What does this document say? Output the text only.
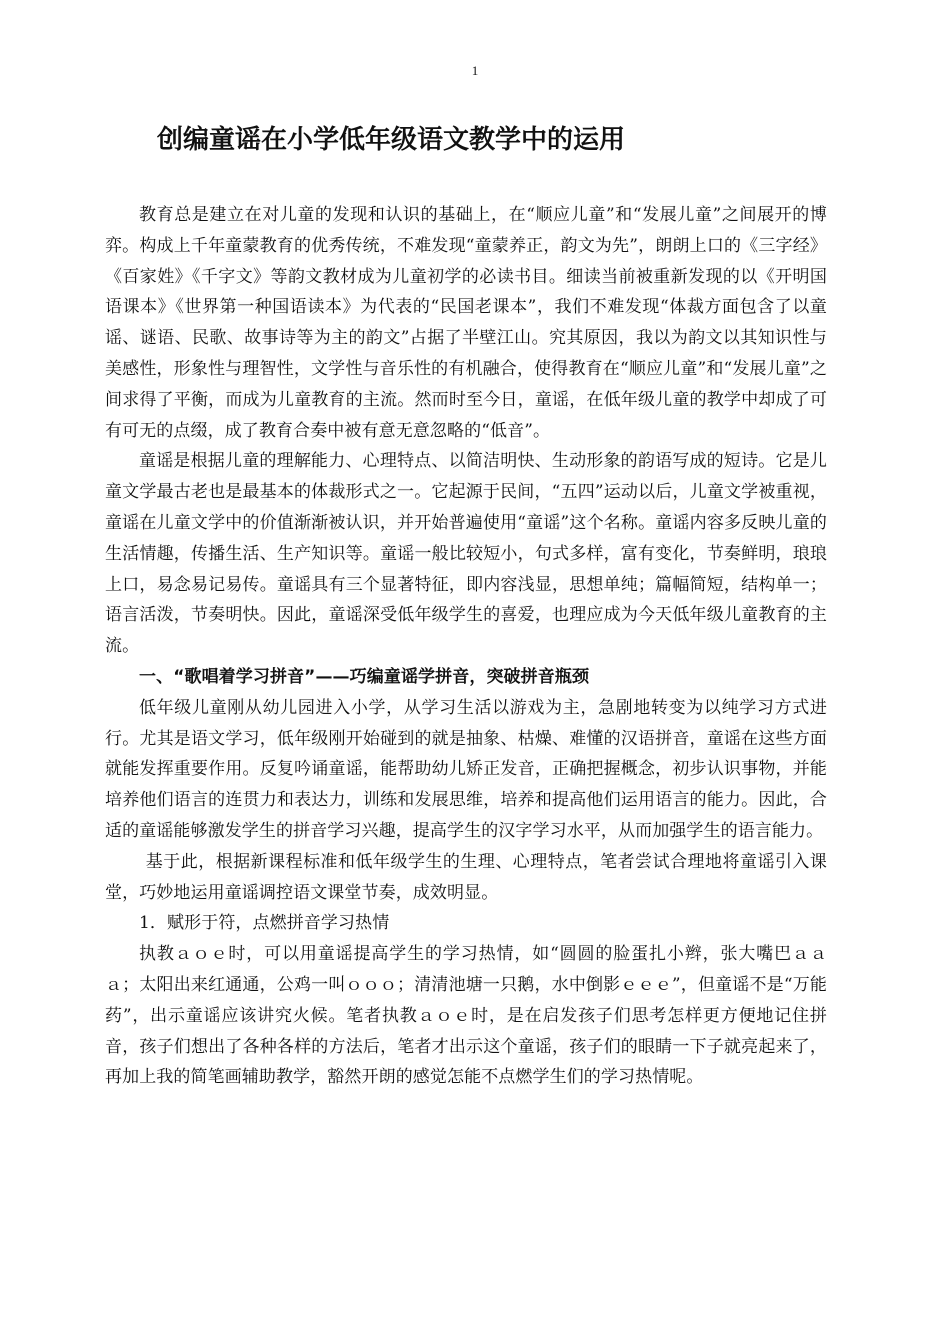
1
创编童谣在小学低年级语文教学中的运用

教育总是建立在对儿童的发现和认识的基础上，在“顺应儿童”和“发展儿童”之间展开的博弈。构成上千年童蒙教育的优秀传统，不难发现“童蒙养正，韵文为先”，朗朗上口的《三字经》《百家姓》《千字文》等韵文教材成为儿童初学的必读书目。细读当前被重新发现的以《开明国语课本》《世界第一种国语读本》为代表的“民国老课本”，我们不难发现“体裁方面包含了以童谣、谜语、民歌、故事诗等为主的韵文”占据了半壁江山。究其原因，我以为韵文以其知识性与美感性，形象性与理智性，文学性与音乐性的有机融合，使得教育在“顺应儿童”和“发展儿童”之间求得了平衡，而成为儿童教育的主流。然而时至今日，童谣，在低年级儿童的教学中却成了可有可无的点缀，成了教育合奏中被有意无意忽略的“低音”。

童谣是根据儿童的理解能力、心理特点、以简洁明快、生动形象的韵语写成的短诗。它是儿童文学最古老也是最基本的体裁形式之一。它起源于民间，“五四”运动以后，儿童文学被重视，童谣在儿童文学中的价值渐渐被认识，并开始普遍使用“童谣”这个名称。童谣内容多反映儿童的生活情趣，传播生活、生产知识等。童谣一般比较短小，句式多样，富有变化，节奏鲜明，琅琅上口，易念易记易传。童谣具有三个显著特征，即内容浅显，思想单纯；篇幅简短，结构单一；语言活泼，节奏明快。因此，童谣深受低年级学生的喜爱，也理应成为今天低年级儿童教育的主流。

一、“歌唱着学习拼音”——巧编童谣学拼音，突破拼音瓶颈

低年级儿童刚从幼儿园进入小学，从学习生活以游戏为主，急剧地转变为以纯学习方式进行。尤其是语文学习，低年级刚开始碰到的就是抽象、枯燥、难懂的汉语拼音，童谣在这些方面就能发挥重要作用。反复吟诵童谣，能帮助幼儿矫正发音，正确把握概念，初步认识事物，并能培养他们语言的连贯力和表达力，训练和发展思维，培养和提高他们运用语言的能力。因此，合适的童谣能够激发学生的拼音学习兴趣，提高学生的汉字学习水平，从而加强学生的语言能力。

基于此，根据新课程标准和低年级学生的生理、心理特点，笔者尝试合理地将童谣引入课堂，巧妙地运用童谣调控语文课堂节奏，成效明显。

1．赋形于符，点燃拼音学习热情

执教ａｏｅ时，可以用童谣提高学生的学习热情，如“圆圆的脸蛋扎小辫，张大嘴巴ａａａ；太阳出来红通通，公鸡一叫ｏｏｏ；清清池塘一只鹅，水中倒影ｅｅｅ”，但童谣不是“万能药”，出示童谣应该讲究火候。笔者执教ａｏｅ时，是在启发孩子们思考怎样更方便地记住拼音，孩子们想出了各种各样的方法后，笔者才出示这个童谣，孩子们的眼睛一下子就亮起来了，再加上我的简笔画辅助教学，豁然开朗的感觉怎能不点燃学生们的学习热情呢。
